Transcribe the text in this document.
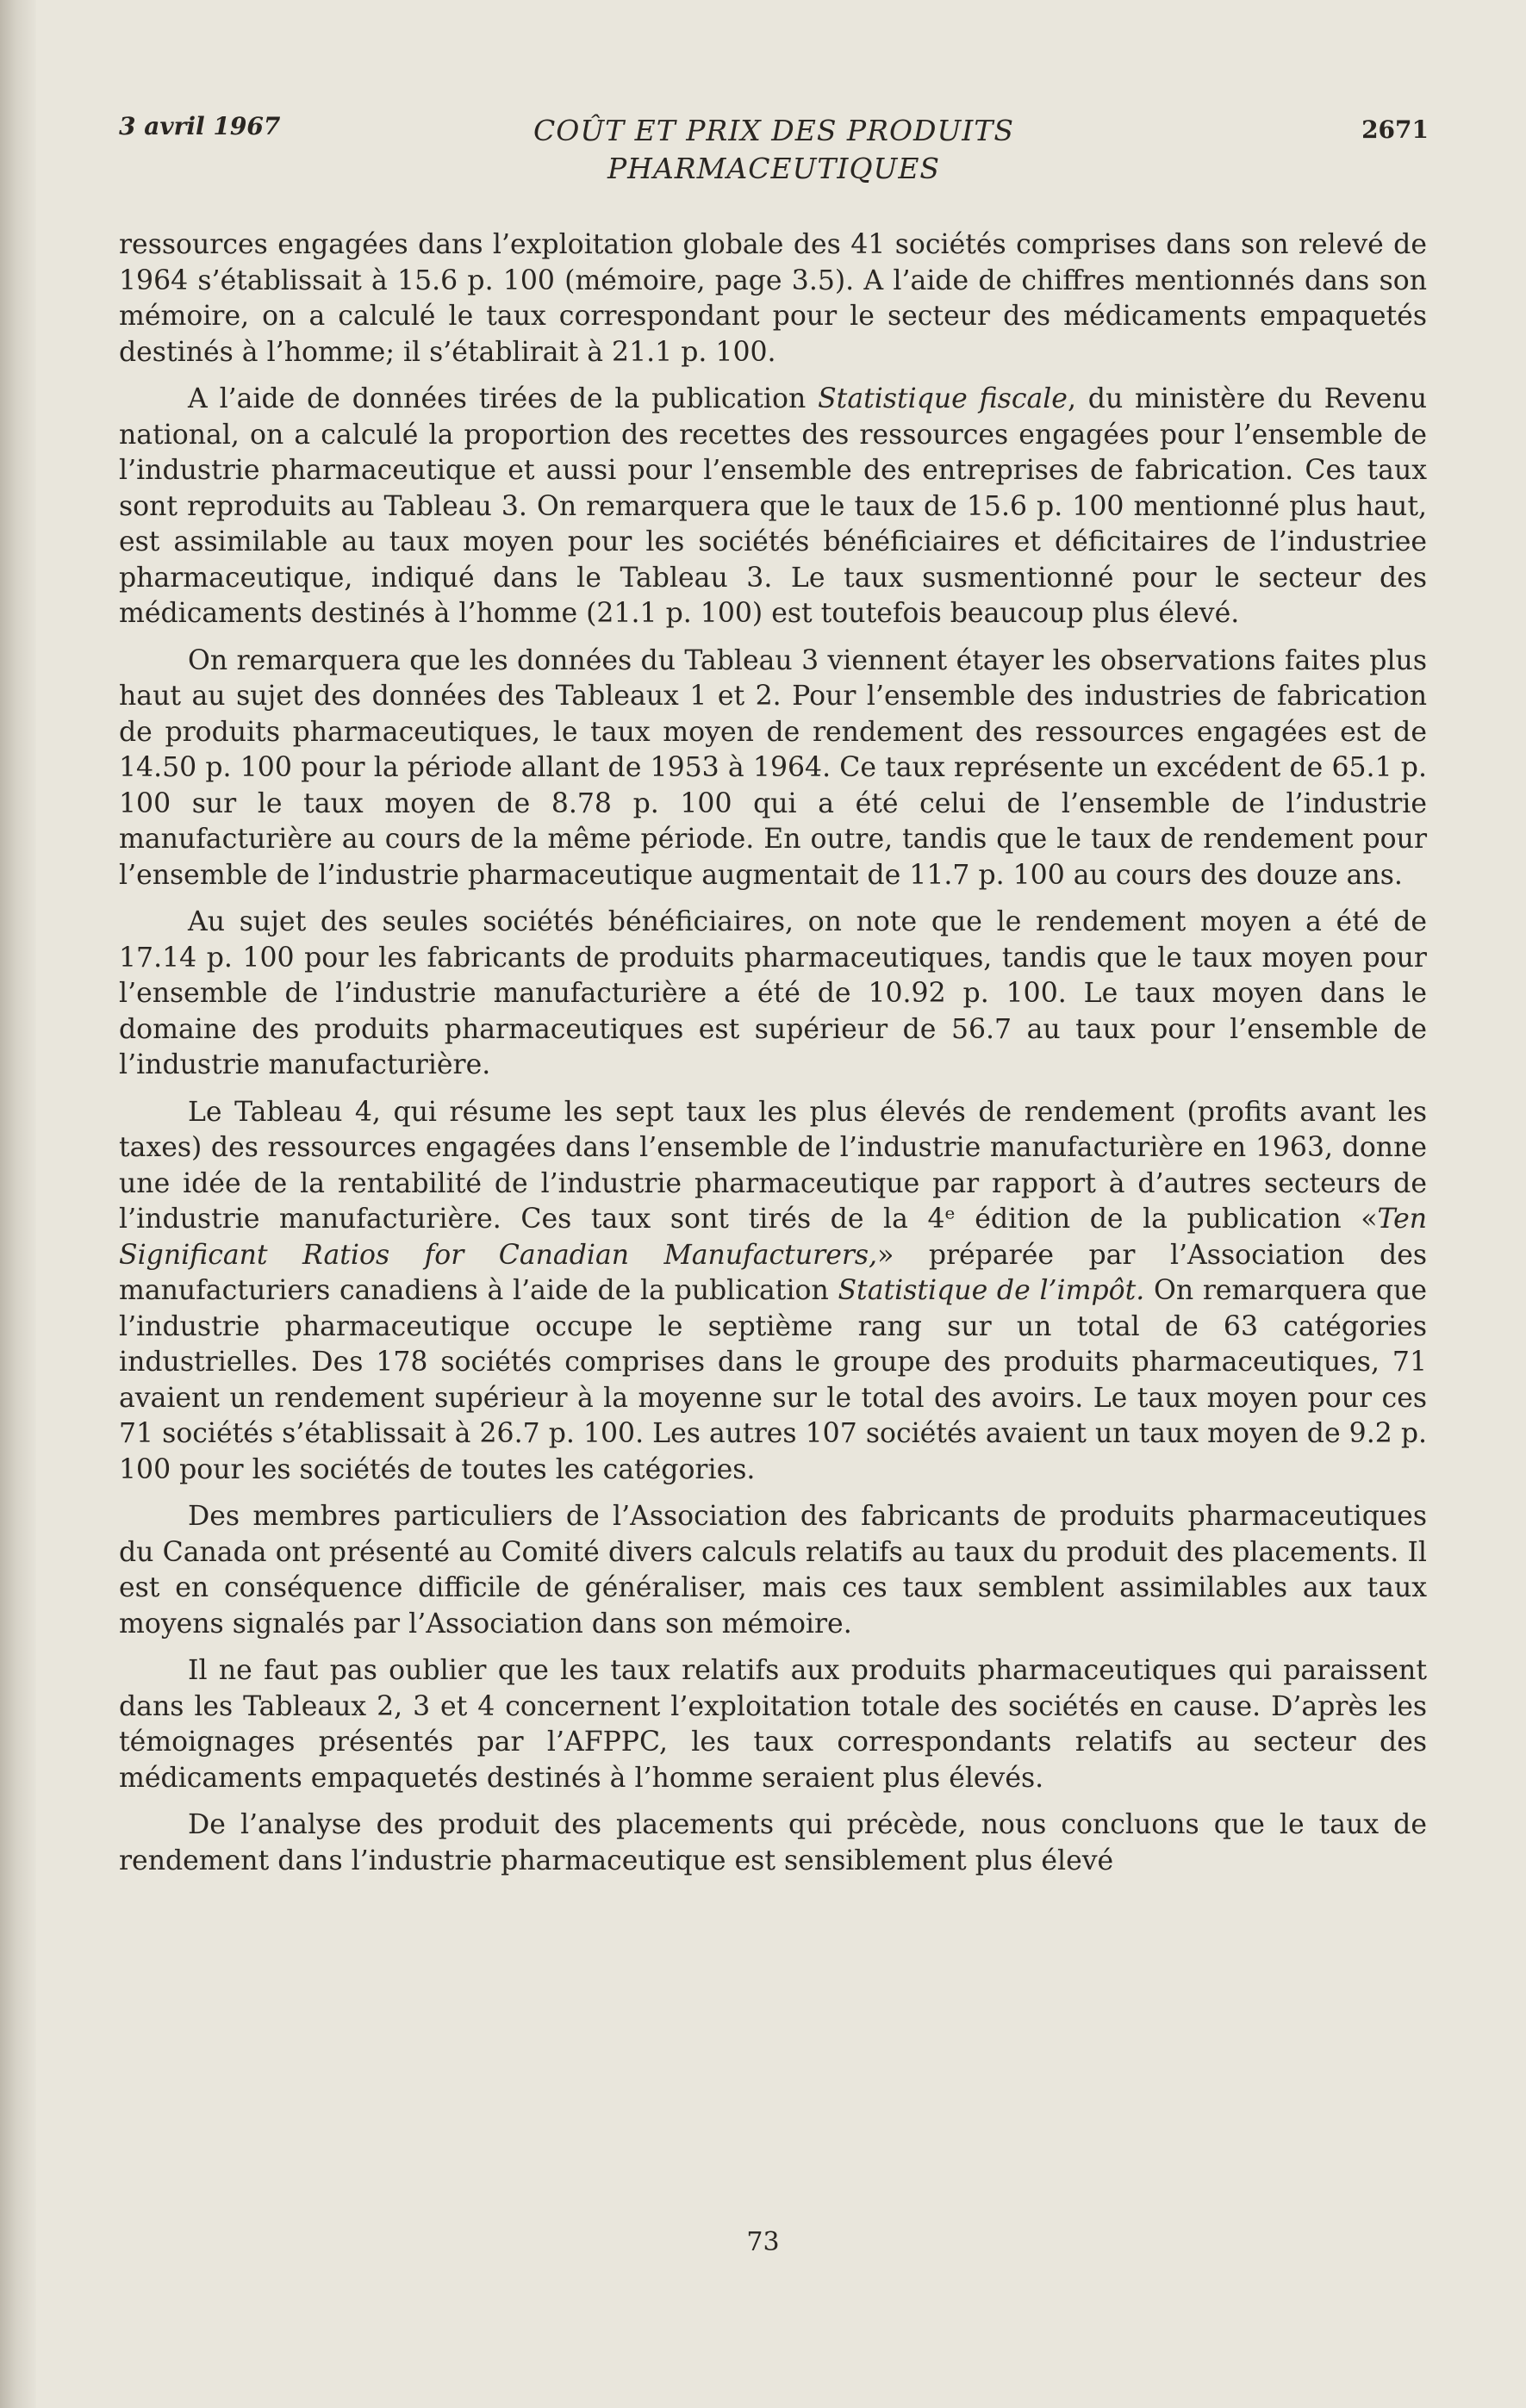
3 avril 1967	COÛT ET PRIX DES PRODUITS
PHARMACEUTIQUES
2671

ressources engagées dans l’exploitation globale des 41 sociétés comprises dans son relevé de 1964 s’établissait à 15.6 p. 100 (mémoire, page 3.5). A l’aide de chiffres mentionnés dans son mémoire, on a calculé le taux correspondant pour le secteur des médicaments empaquetés destinés à l’homme; il s’établirait à 21.1 p. 100.

A l’aide de données tirées de la publication Statistique fiscale, du ministère du Revenu national, on a calculé la proportion des recettes des ressources engagées pour l’ensemble de l’industrie pharmaceutique et aussi pour l’ensemble des entreprises de fabrication. Ces taux sont reproduits au Tableau 3. On remarquera que le taux de 15.6 p. 100 mentionné plus haut, est assimilable au taux moyen pour les sociétés bénéficiaires et déficitaires de l’industriee pharmaceutique, indiqué dans le Tableau 3. Le taux susmentionné pour le secteur des médicaments destinés à l’homme (21.1 p. 100) est toutefois beaucoup plus élevé.

On remarquera que les données du Tableau 3 viennent étayer les observations faites plus haut au sujet des données des Tableaux 1 et 2. Pour l’ensemble des industries de fabrication de produits pharmaceutiques, le taux moyen de rendement des ressources engagées est de 14.50 p. 100 pour la période allant de 1953 à 1964. Ce taux représente un excédent de 65.1 p. 100 sur le taux moyen de 8.78 p. 100 qui a été celui de l’ensemble de l’industrie manufacturière au cours de la même période. En outre, tandis que le taux de rendement pour l’ensemble de l’industrie pharmaceutique augmentait de 11.7 p. 100 au cours des douze ans.

Au sujet des seules sociétés bénéficiaires, on note que le rendement moyen a été de 17.14 p. 100 pour les fabricants de produits pharmaceutiques, tandis que le taux moyen pour l’ensemble de l’industrie manufacturière a été de 10.92 p. 100. Le taux moyen dans le domaine des produits pharmaceutiques est supérieur de 56.7 au taux pour l’ensemble de l’industrie manufacturière.

Le Tableau 4, qui résume les sept taux les plus élevés de rendement (profits avant les taxes) des ressources engagées dans l’ensemble de l’industrie manufacturière en 1963, donne une idée de la rentabilité de l’industrie pharmaceutique par rapport à d’autres secteurs de l’industrie manufacturière. Ces taux sont tirés de la 4ᵉ édition de la publication «Ten Significant Ratios for Canadian Manufacturers,» préparée par l’Association des manufacturiers canadiens à l’aide de la publication Statistique de l’impôt. On remarquera que l’industrie pharmaceutique occupe le septième rang sur un total de 63 catégories industrielles. Des 178 sociétés comprises dans le groupe des produits pharmaceutiques, 71 avaient un rendement supérieur à la moyenne sur le total des avoirs. Le taux moyen pour ces 71 sociétés s’établissait à 26.7 p. 100. Les autres 107 sociétés avaient un taux moyen de 9.2 p. 100 pour les sociétés de toutes les catégories.

Des membres particuliers de l’Association des fabricants de produits pharmaceutiques du Canada ont présenté au Comité divers calculs relatifs au taux du produit des placements. Il est en conséquence difficile de généraliser, mais ces taux semblent assimilables aux taux moyens signalés par l’Association dans son mémoire.

Il ne faut pas oublier que les taux relatifs aux produits pharmaceutiques qui paraissent dans les Tableaux 2, 3 et 4 concernent l’exploitation totale des sociétés en cause. D’après les témoignages présentés par l’AFPPC, les taux correspondants relatifs au secteur des médicaments empaquetés destinés à l’homme seraient plus élevés.

De l’analyse des produit des placements qui précède, nous concluons que le taux de rendement dans l’industrie pharmaceutique est sensiblement plus élevé

73
